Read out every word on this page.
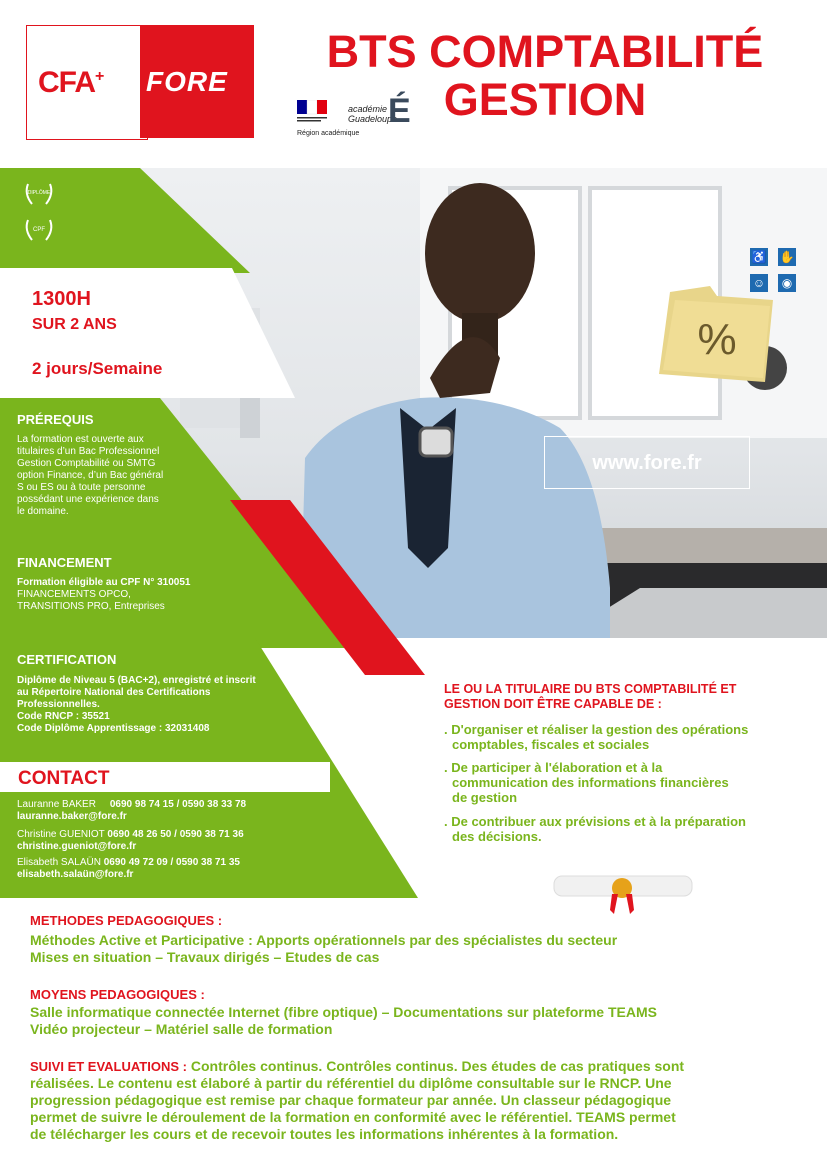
CFA+ FORE
BTS COMPTABILITÉ
GESTION
académie
Guadeloupe
É
Région académique
DIPLÔME
CPF
1300H
SUR 2 ANS
2 jours/Semaine
PRÉREQUIS
La formation est ouverte aux
titulaires d’un Bac Professionnel
Gestion Comptabilité ou SMTG
option Finance, d’un Bac général
S ou ES ou à toute personne
possédant une expérience dans
le domaine.
FINANCEMENT
Formation éligible au CPF N° 310051
FINANCEMENTS OPCO,
TRANSITIONS PRO, Entreprises
CERTIFICATION
Diplôme de Niveau 5 (BAC+2), enregistré et inscrit
au Répertoire National des Certifications
Professionnelles.
Code RNCP : 35521
Code Diplôme Apprentissage : 32031408
CONTACT
Lauranne BAKER 0690 98 74 15 / 0590 38 33 78
lauranne.baker@fore.fr
Christine GUENIOT 0690 48 26 50 / 0590 38 71 36
christine.gueniot@fore.fr
Elisabeth SALAÜN 0690 49 72 09 / 0590 38 71 35
elisabeth.salaün@fore.fr
♿ ✋
☺	◉
%
www.fore.fr
LE OU LA TITULAIRE DU BTS COMPTABILITÉ ET
GESTION DOIT ÊTRE CAPABLE DE :
. D'organiser et réaliser la gestion des opérations
comptables, fiscales et sociales
. De participer à l'élaboration et à la
communication des informations financières
de gestion
. De contribuer aux prévisions et à la préparation
des décisions.
METHODES PEDAGOGIQUES :
Méthodes Active et Participative : Apports opérationnels par des spécialistes du secteur
Mises en situation – Travaux dirigés – Etudes de cas
MOYENS PEDAGOGIQUES :
Salle informatique connectée Internet (fibre optique) – Documentations sur plateforme TEAMS
Vidéo projecteur – Matériel salle de formation
SUIVI ET EVALUATIONS : Contrôles continus. Contrôles continus. Des études de cas pratiques sont
réalisées. Le contenu est élaboré à partir du référentiel du diplôme consultable sur le RNCP. Une
progression pédagogique est remise par chaque formateur par année. Un classeur pédagogique
permet de suivre le déroulement de la formation en conformité avec le référentiel. TEAMS permet
de télécharger les cours et de recevoir toutes les informations inhérentes à la formation.
